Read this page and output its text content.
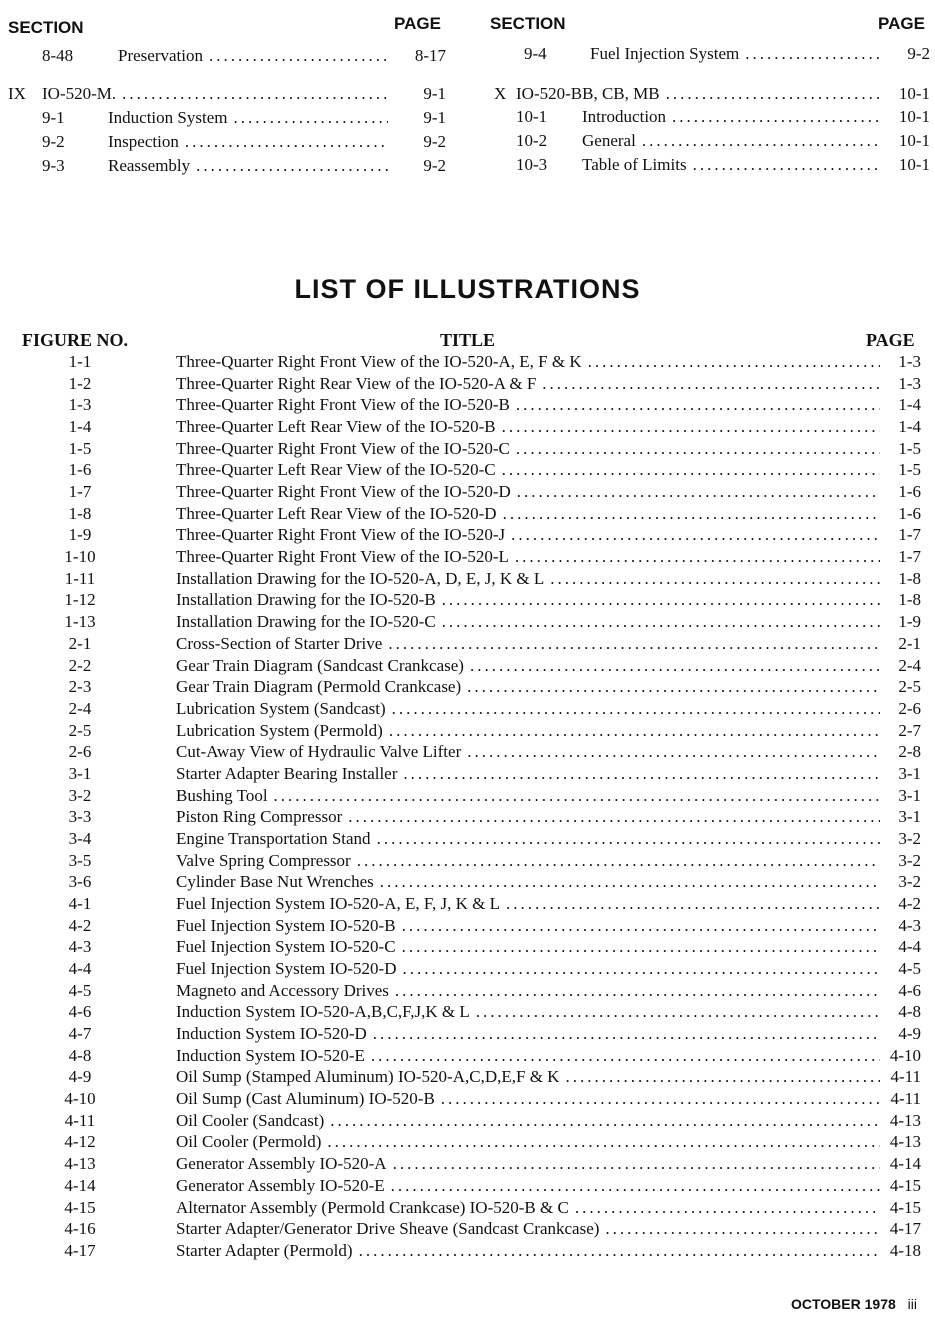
SECTION	PAGE	SECTION	PAGE
8-48	Preservation .....	8-17
IX IO-520-M. .....	9-1
9-1	Induction System .....	9-1
9-2	Inspection .....	9-2
9-3	Reassembly .....	9-2
9-4	Fuel Injection System .....	9-2
X IO-520-BB, CB, MB .....	10-1
10-1 Introduction .....	10-1
10-2 General .....	10-1
10-3 Table of Limits .....	10-1
LIST OF ILLUSTRATIONS
FIGURE NO.	TITLE	PAGE
1-1	Three-Quarter Right Front View of the IO-520-A, E, F & K .....	1-3
1-2	Three-Quarter Right Rear View of the IO-520-A & F .....	1-3
1-3	Three-Quarter Right Front View of the IO-520-B .....	1-4
1-4	Three-Quarter Left Rear View of the IO-520-B .....	1-4
1-5	Three-Quarter Right Front View of the IO-520-C .....	1-5
1-6	Three-Quarter Left Rear View of the IO-520-C .....	1-5
1-7	Three-Quarter Right Front View of the IO-520-D .....	1-6
1-8	Three-Quarter Left Rear View of the IO-520-D .....	1-6
1-9	Three-Quarter Right Front View of the IO-520-J .....	1-7
1-10	Three-Quarter Right Front View of the IO-520-L .....	1-7
1-11	Installation Drawing for the IO-520-A, D, E, J, K & L .....	1-8
1-12	Installation Drawing for the IO-520-B .....	1-8
1-13	Installation Drawing for the IO-520-C .....	1-9
2-1	Cross-Section of Starter Drive .....	2-1
2-2	Gear Train Diagram (Sandcast Crankcase) .....	2-4
2-3	Gear Train Diagram (Permold Crankcase) .....	2-5
2-4	Lubrication System (Sandcast) .....	2-6
2-5	Lubrication System (Permold) .....	2-7
2-6	Cut-Away View of Hydraulic Valve Lifter .....	2-8
3-1	Starter Adapter Bearing Installer .....	3-1
3-2	Bushing Tool .....	3-1
3-3	Piston Ring Compressor .....	3-1
3-4	Engine Transportation Stand .....	3-2
3-5	Valve Spring Compressor .....	3-2
3-6	Cylinder Base Nut Wrenches .....	3-2
4-1	Fuel Injection System IO-520-A, E, F, J, K & L .....	4-2
4-2	Fuel Injection System IO-520-B .....	4-3
4-3	Fuel Injection System IO-520-C .....	4-4
4-4	Fuel Injection System IO-520-D .....	4-5
4-5	Magneto and Accessory Drives .....	4-6
4-6	Induction System IO-520-A,B,C,F,J,K & L .....	4-8
4-7	Induction System IO-520-D .....	4-9
4-8	Induction System IO-520-E .....	4-10
4-9	Oil Sump (Stamped Aluminum) IO-520-A,C,D,E,F & K .....	4-11
4-10	Oil Sump (Cast Aluminum) IO-520-B .....	4-11
4-11	Oil Cooler (Sandcast) .....	4-13
4-12	Oil Cooler (Permold) .....	4-13
4-13	Generator Assembly IO-520-A .....	4-14
4-14	Generator Assembly IO-520-E .....	4-15
4-15	Alternator Assembly (Permold Crankcase) IO-520-B & C .....	4-15
4-16	Starter Adapter/Generator Drive Sheave (Sandcast Crankcase) .....	4-17
4-17	Starter Adapter (Permold) .....	4-18
OCTOBER 1978 iii
